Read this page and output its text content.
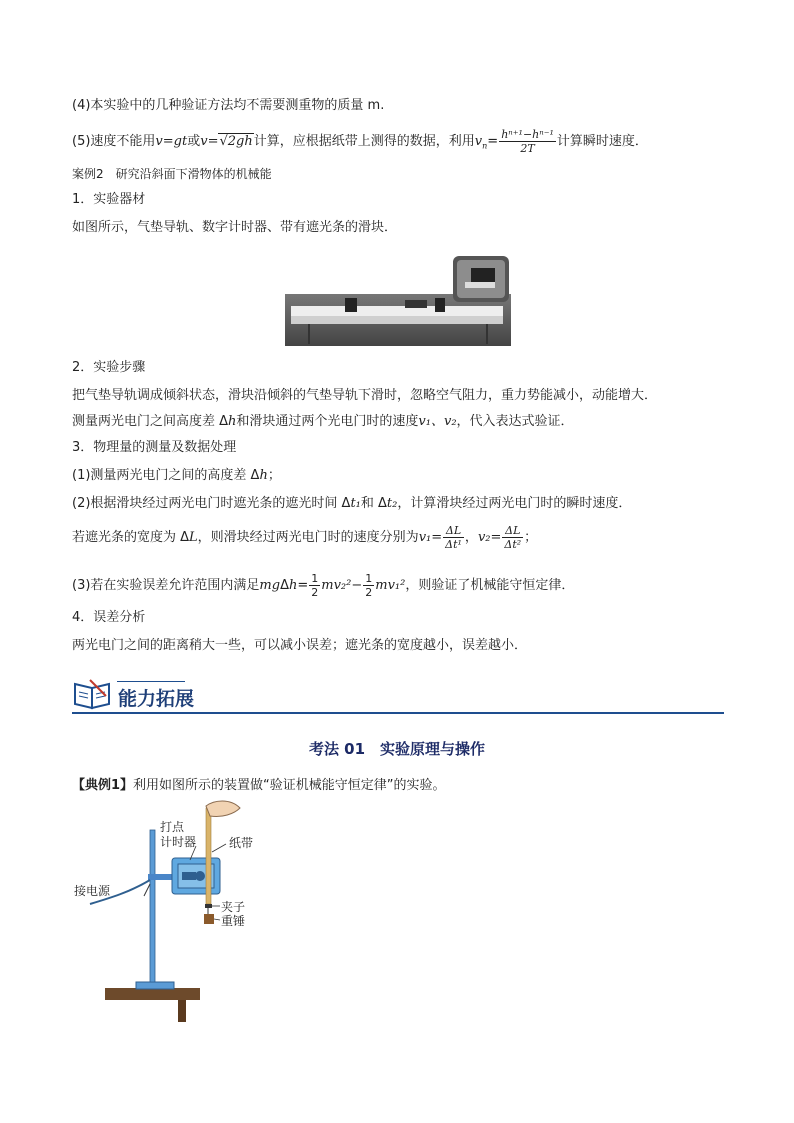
(4)本实验中的几种验证方法均不需要测重物的质量 m.
(5)速度不能用v=gt或v=√2gh计算，应根据纸带上测得的数据，利用$v_n= \frac{\text{hⁿ⁺¹−hⁿ⁻¹}}{2T}$ 计算瞬时速度．
案例2　研究沿斜面下滑物体的机械能
1．实验器材
如图所示，气垫导轨、数字计时器、带有遮光条的滑块．
2．实验步骤
把气垫导轨调成倾斜状态，滑块沿倾斜的气垫导轨下滑时，忽略空气阻力，重力势能减小，动能增大．
测量两光电门之间高度差 Δh和滑块通过两个光电门时的速度v₁、v₂，代入表达式验证．
3．物理量的测量及数据处理
(1)测量两光电门之间的高度差 Δh；
(2)根据滑块经过两光电门时遮光条的遮光时间 Δt₁和 Δt₂，计算滑块经过两光电门时的瞬时速度．
若遮光条的宽度为 ΔL，则滑块经过两光电门时的速度分别为$v_1= \frac{\Delta L}{\text{Δt¹}}$ ，$v_2= \frac{\Delta L}{\text{Δt²}}$ ；
(3)若在实验误差允许范围内满足$mg\Delta h= \frac{1}{2} mv_2^2- \frac{1}{2} mv_1^2$，则验证了机械能守恒定律．
4．误差分析
两光电门之间的距离稍大一些，可以减小误差；遮光条的宽度越小，误差越小．
能力拓展
考法 01　实验原理与操作
【典例1】利用如图所示的装置做“验证机械能守恒定律”的实验。
打点
计时器	纸带
接电源
夹子
重锤
